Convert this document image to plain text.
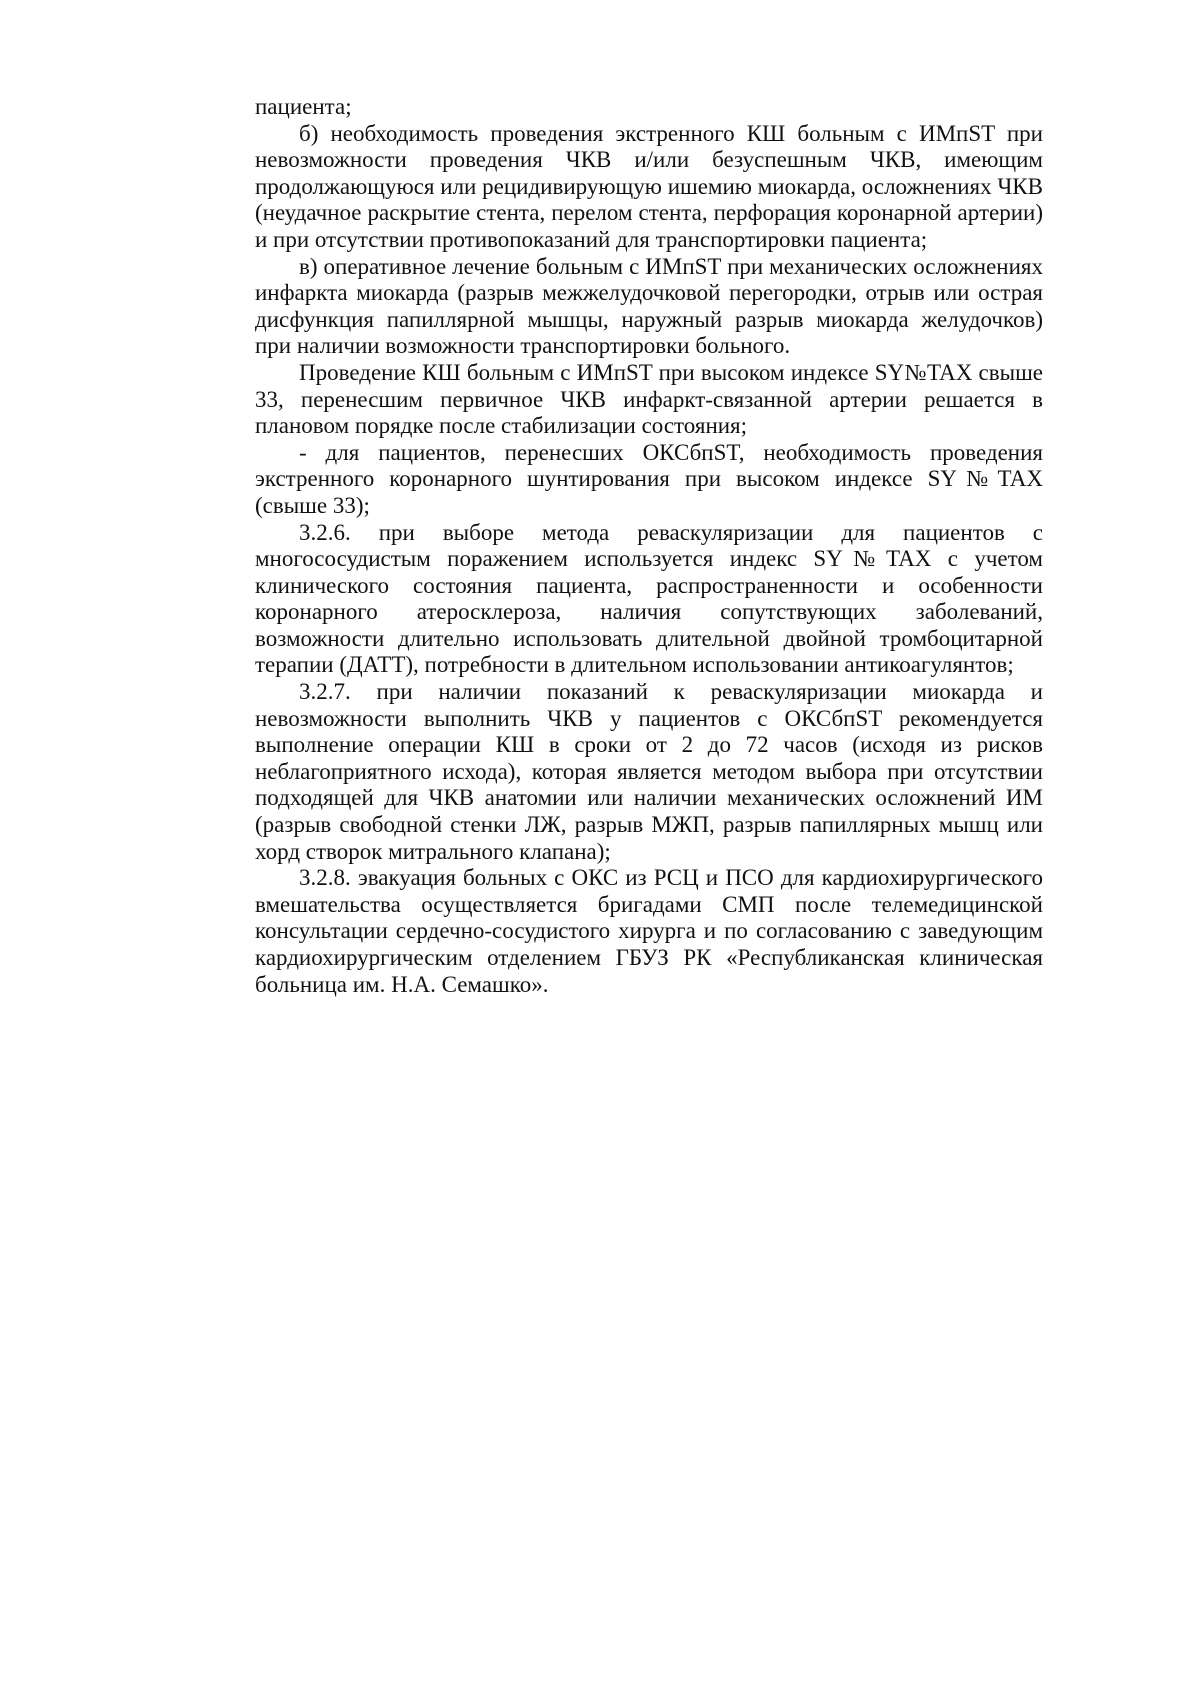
пациента;

б) необходимость проведения экстренного КШ больным с ИМпST при невозможности проведения ЧКВ и/или безуспешным ЧКВ, имеющим продолжающуюся или рецидивирующую ишемию миокарда, осложнениях ЧКВ (неудачное раскрытие стента, перелом стента, перфорация коронарной артерии) и при отсутствии противопоказаний для транспортировки пациента;

в) оперативное лечение больным с ИМпST при механических осложнениях инфаркта миокарда (разрыв межжелудочковой перегородки, отрыв или острая дисфункция папиллярной мышцы, наружный разрыв миокарда желудочков) при наличии возможности транспортировки больного.

Проведение КШ больным с ИМпST при высоком индексе SY№TAX свыше 33, перенесшим первичное ЧКВ инфаркт-связанной артерии решается в плановом порядке после стабилизации состояния;

- для пациентов, перенесших ОКСбпST, необходимость проведения экстренного коронарного шунтирования при высоком индексе SY№TAX (свыше 33);

3.2.6. при выборе метода реваскуляризации для пациентов с многососудистым поражением используется индекс SY№TAX с учетом клинического состояния пациента, распространенности и особенности коронарного атеросклероза, наличия сопутствующих заболеваний, возможности длительно использовать длительной двойной тромбоцитарной терапии (ДАТТ), потребности в длительном использовании антикоагулянтов;

3.2.7. при наличии показаний к реваскуляризации миокарда и невозможности выполнить ЧКВ у пациентов с ОКСбпST рекомендуется выполнение операции КШ в сроки от 2 до 72 часов (исходя из рисков неблагоприятного исхода), которая является методом выбора при отсутствии подходящей для ЧКВ анатомии или наличии механических осложнений ИМ (разрыв свободной стенки ЛЖ, разрыв МЖП, разрыв папиллярных мышц или хорд створок митрального клапана);

3.2.8. эвакуация больных с ОКС из РСЦ и ПСО для кардиохирургического вмешательства осуществляется бригадами СМП после телемедицинской консультации сердечно-сосудистого хирурга и по согласованию с заведующим кардиохирургическим отделением ГБУЗ РК «Республиканская клиническая больница им. Н.А. Семашко».
